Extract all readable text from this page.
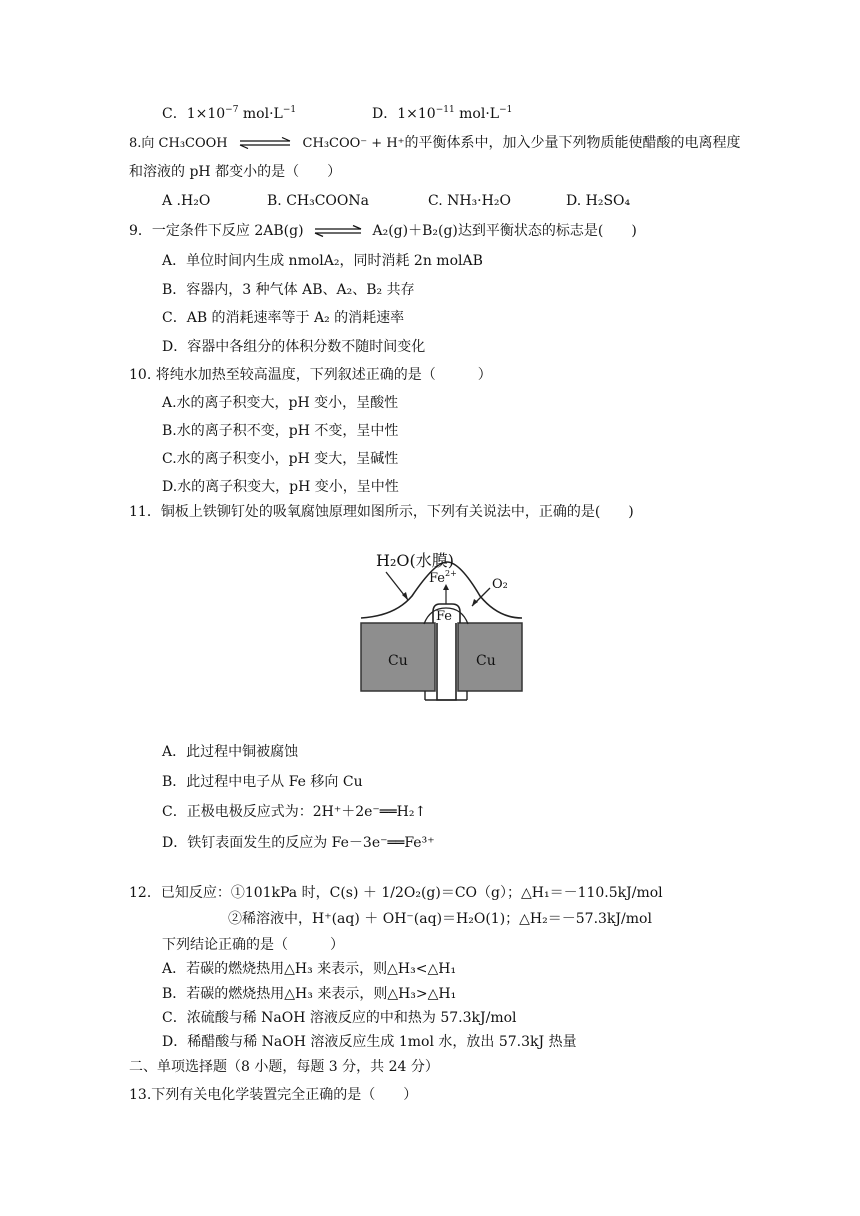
C．$1\times 10^{-7}$ $mol\cdot L^{-1}$	D．$1\times 10^{-11}$ $mol\cdot L^{-1}$
8.向 CH₃COOH	CH₃COO⁻ + H⁺的平衡体系中，加入少量下列物质能使醋酸的电离程度
和溶液的 pH 都变小的是（　　）
A .H₂O	B. CH₃COONa	C. NH₃·H₂O	D. H₂SO₄
9．一定条件下反应 2AB(g) ⇌ A₂(g)＋B₂(g)达到平衡状态的标志是(　　)
A．单位时间内生成 nmolA₂，同时消耗 2n molAB
B．容器内，3 种气体 AB、A₂、B₂ 共存
C．AB 的消耗速率等于 A₂ 的消耗速率
D．容器中各组分的体积分数不随时间变化
10. 将纯水加热至较高温度，下列叙述正确的是（　　　）
A.水的离子积变大，pH 变小，呈酸性
B.水的离子积不变，pH 不变，呈中性
C.水的离子积变小，pH 变大，呈碱性
D.水的离子积变大，pH 变小，呈中性
11．铜板上铁铆钉处的吸氧腐蚀原理如图所示，下列有关说法中，正确的是(　　)
H₂O(水膜)
$Fe^{2+}$
O₂
Fe
Cu	Cu
A．此过程中铜被腐蚀
B．此过程中电子从 Fe 移向 Cu
C．正极电极反应式为：2H⁺＋2e⁻══H₂↑
D．铁钉表面发生的反应为 Fe－3e⁻══Fe³⁺
12．已知反应：①101kPa 时，C(s) ＋ 1/2O₂(g)＝CO（g）；△H₁＝－110.5kJ/mol
②稀溶液中，H⁺(aq) ＋ OH⁻(aq)＝H₂O(1)；△H₂＝－57.3kJ/mol
下列结论正确的是（　　　）
A．若碳的燃烧热用△H₃ 来表示，则△H₃<△H₁
B．若碳的燃烧热用△H₃ 来表示，则△H₃>△H₁
C．浓硫酸与稀 NaOH 溶液反应的中和热为 57.3kJ/mol
D．稀醋酸与稀 NaOH 溶液反应生成 1mol 水，放出 57.3kJ 热量
二、单项选择题（8 小题，每题 3 分，共 24 分）
13.下列有关电化学装置完全正确的是（　　）
